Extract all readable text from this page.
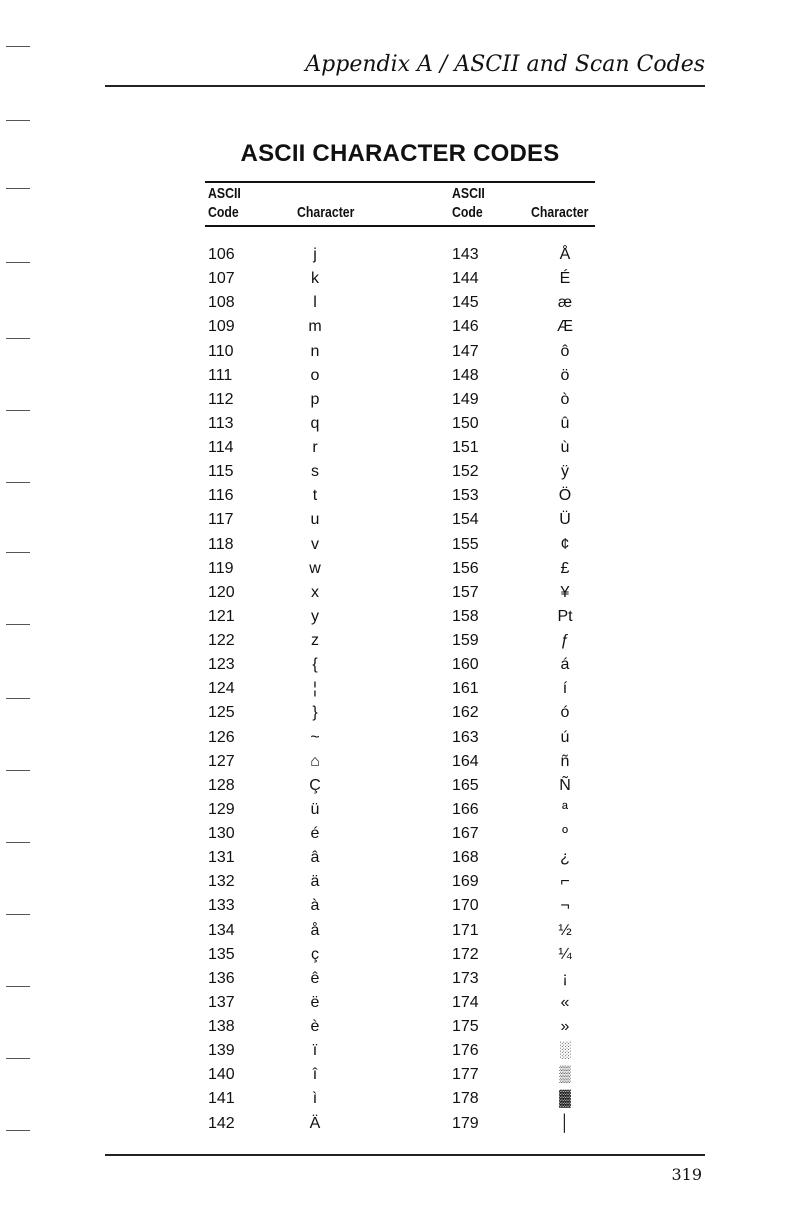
Appendix A / ASCII and Scan Codes
ASCII CHARACTER CODES
ASCII
Code	Character
ASCII
Code	Character
106	j	143	Å
107	k	144	É
108	l	145	æ
109	m	146	Æ
110	n	147	ô
111	o	148	ö
112	p	149	ò
113	q	150	û
114	r	151	ù
115	s	152	ÿ
116	t	153	Ö
117	u	154	Ü
118	v	155	¢
119	w	156	£
120	x	157	¥
121	y	158	Pt
122	z	159	ƒ
123	{	160	á
124	¦	161	í
125	}	162	ó
126	~	163	ú
127	⌂	164	ñ
128	Ç	165	Ñ
129	ü	166	ª
130	é	167	º
131	â	168	¿
132	ä	169	⌐
133	à	170	¬
134	å	171	½
135	ç	172	¼
136	ê	173	¡
137	ë	174	«
138	è	175	»
139	ï	176	░
140	î	177	▒
141	ì	178	▓
142	Ä	179	│
319
